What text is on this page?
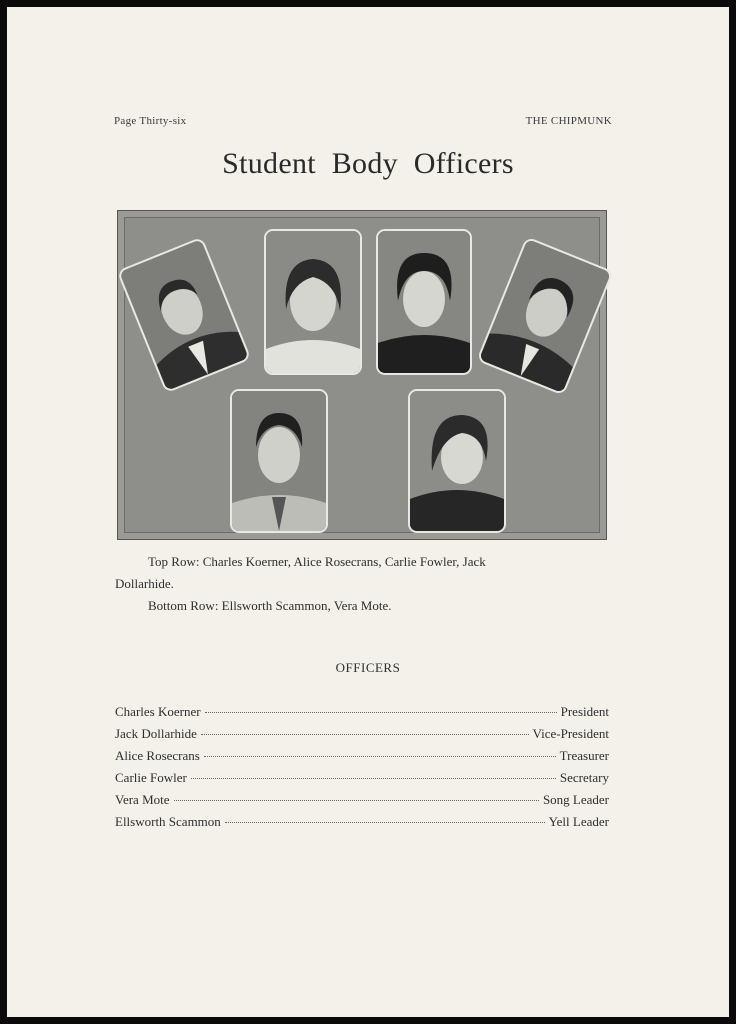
Page Thirty-six	THE CHIPMUNK
Student Body Officers
Top Row: Charles Koerner, Alice Rosecrans, Carlie Fowler, Jack
Dollarhide.
Bottom Row: Ellsworth Scammon, Vera Mote.
OFFICERS
Charles Koerner	President
Jack Dollarhide	Vice-President
Alice Rosecrans	Treasurer
Carlie Fowler	Secretary
Vera Mote	Song Leader
Ellsworth Scammon	Yell Leader
